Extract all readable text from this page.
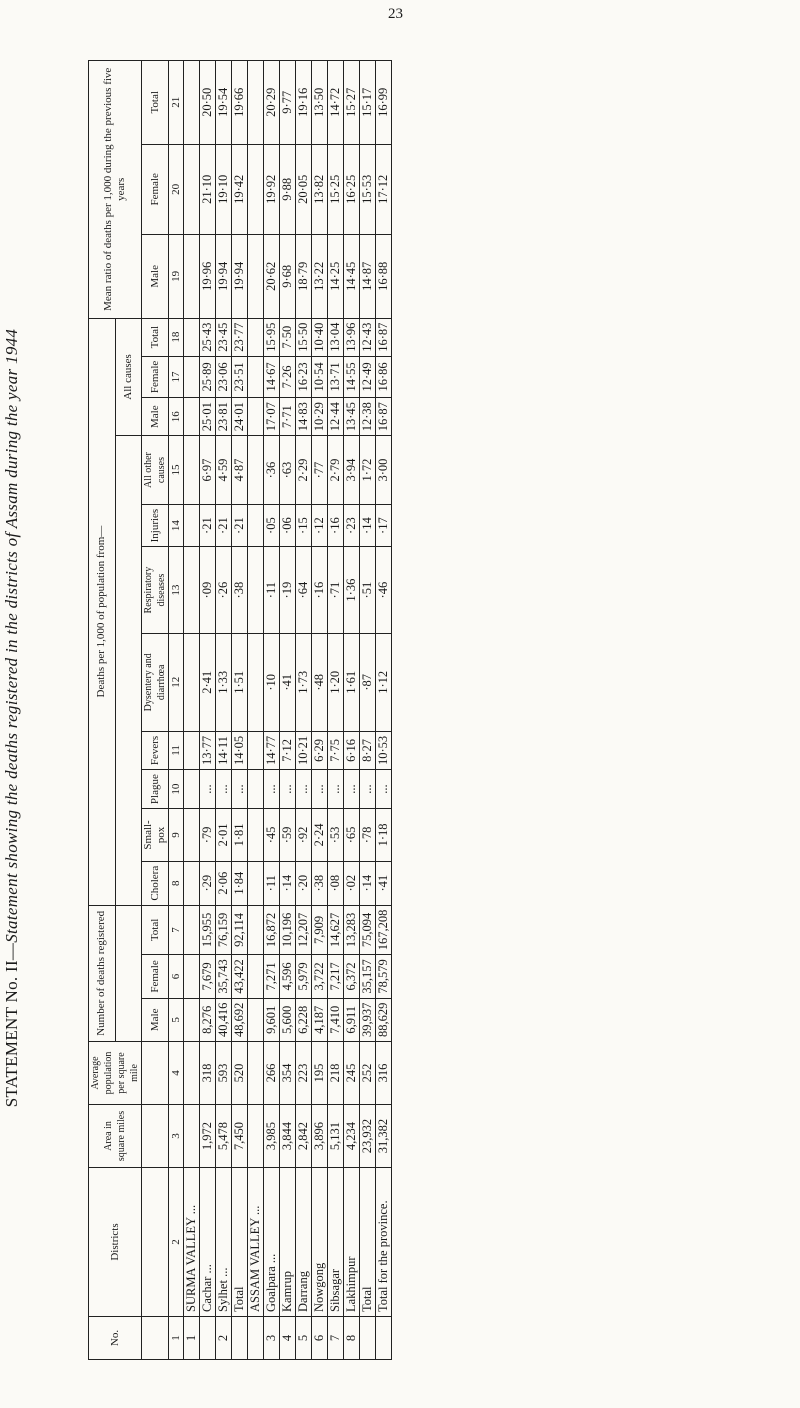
23
STATEMENT No. II—Statement showing the deaths registered in the districts of Assam during the year 1944
No.	Districts	Area in square miles	Average population per square mile	Number of deaths registered			Deaths per 1,000 of population from—											Mean ratio of deaths per 1,000 during the previous five years		
															All causes					
				Male	Female	Total	Cholera	Small-pox	Plague	Fevers	Dysentery and diarrhœa	Respiratory diseases	Injuries	All other causes	Male	Female	Total	Male	Female	Total
1	2	3	4	5	6	7	8	9	10	11	12	13	14	15	16	17	18	19	20	21
1	SURMA VALLEY ...																			
	Cachar ...	1,972	318	8,276	7,679	15,955	·29	·79	...	13·77	2·41	·09	·21	6·97	25·01	25·89	25·43	19·96	21·10	20·50
2	Sylhet ...	5,478	593	40,416	35,743	76,159	2·06	2·01	...	14·11	1·33	·26	·21	4·59	23·81	23·06	23·45	19·94	19·10	19·54
	Total	7,450	520	48,692	43,422	92,114	1·84	1·81	...	14·05	1·51	·38	·21	4·87	24·01	23·51	23·77	19·94	19·42	19·66
	ASSAM VALLEY ...																			
3	Goalpara ...	3,985	266	9,601	7,271	16,872	·11	·45	...	14·77	·10	·11	·05	·36	17·07	14·67	15·95	20·62	19·92	20·29
4	Kamrup	3,844	354	5,600	4,596	10,196	·14	·59	...	7·12	·41	·19	·06	·63	7·71	7·26	7·50	9·68	9·88	9·77
5	Darrang	2,842	223	6,228	5,979	12,207	·20	·92	...	10·21	1·73	·64	·15	2·29	14·83	16·23	15·50	18·79	20·05	19·16
6	Nowgong	3,896	195	4,187	3,722	7,909	·38	2·24	...	6·29	·48	·16	·12	·77	10·29	10·54	10·40	13·22	13·82	13·50
7	Sibsagar	5,131	218	7,410	7,217	14,627	·08	·53	...	7·75	1·20	·71	·16	2·79	12·44	13·71	13·04	14·25	15·25	14·72
8	Lakhimpur	4,234	245	6,911	6,372	13,283	·02	·65	...	6·16	1·61	1·36	·23	3·94	13·45	14·55	13·96	14·45	16·25	15·27
	Total	23,932	252	39,937	35,157	75,094	·14	·78	...	8·27	·87	·51	·14	1·72	12·38	12·49	12·43	14·87	15·53	15·17
	Total for the province.	31,382	316	88,629	78,579	167,208	·41	1·18	...	10·53	1·12	·46	·17	3·00	16·87	16·86	16·87	16·88	17·12	16·99
